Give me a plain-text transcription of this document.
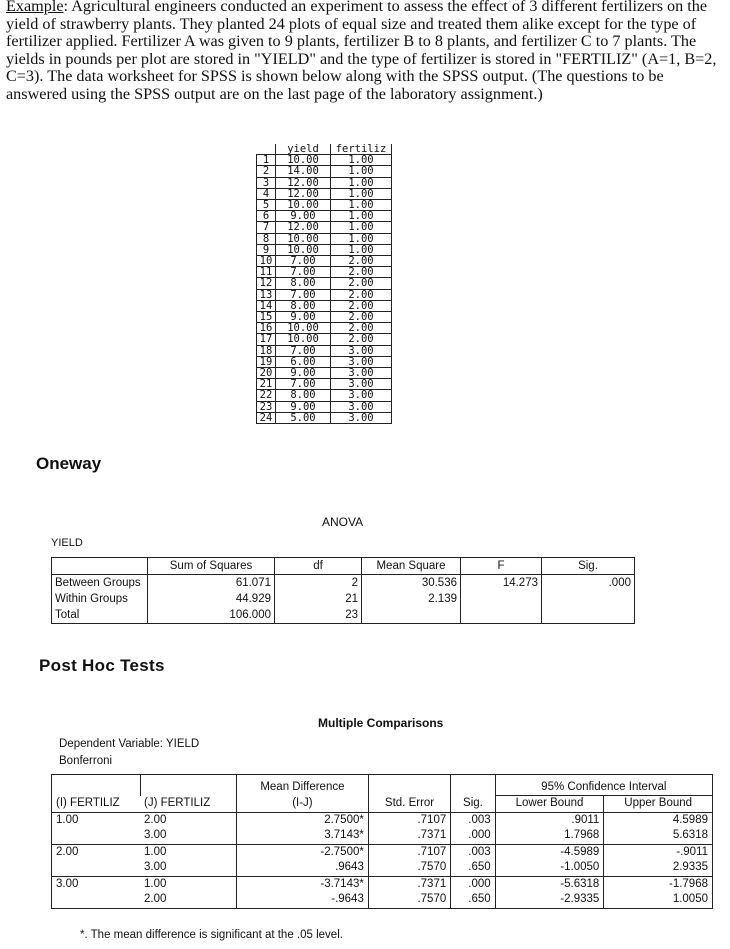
Example: Agricultural engineers conducted an experiment to assess the effect of 3 different fertilizers on the yield of strawberry plants. They planted 24 plots of equal size and treated them alike except for the type of fertilizer applied. Fertilizer A was given to 9 plants, fertilizer B to 8 plants, and fertilizer C to 7 plants. The yields in pounds per plot are stored in "YIELD" and the type of fertilizer is stored in "FERTILIZ" (A=1, B=2, C=3). The data worksheet for SPSS is shown below along with the SPSS output. (The questions to be answered using the SPSS output are on the last page of the laboratory assignment.)

	yield	fertiliz
1	10.00	1.00
2	14.00	1.00
3	12.00	1.00
4	12.00	1.00
5	10.00	1.00
6	9.00	1.00
7	12.00	1.00
8	10.00	1.00
9	10.00	1.00
10	7.00	2.00
11	7.00	2.00
12	8.00	2.00
13	7.00	2.00
14	8.00	2.00
15	9.00	2.00
16	10.00	2.00
17	10.00	2.00
18	7.00	3.00
19	6.00	3.00
20	9.00	3.00
21	7.00	3.00
22	8.00	3.00
23	9.00	3.00
24	5.00	3.00
Oneway
ANOVA
YIELD
	Sum of Squares	df	Mean Square	F	Sig.
Between Groups	61.071	2	30.536	14.273	.000
Within Groups	44.929	21	2.139		
Total	106.000	23			
Post Hoc Tests
Multiple Comparisons
Dependent Variable: YIELD
Bonferroni
		Mean Difference			95% Confidence Interval	
(I) FERTILIZ	(J) FERTILIZ	(I-J)	Std. Error	Sig.	Lower Bound	Upper Bound
1.00	2.00	2.7500*	.7107	.003	.9011	4.5989
	3.00	3.7143*	.7371	.000	1.7968	5.6318
2.00	1.00	-2.7500*	.7107	.003	-4.5989	-.9011
	3.00	.9643	.7570	.650	-1.0050	2.9335
3.00	1.00	-3.7143*	.7371	.000	-5.6318	-1.7968
	2.00	-.9643	.7570	.650	-2.9335	1.0050
*. The mean difference is significant at the .05 level.
